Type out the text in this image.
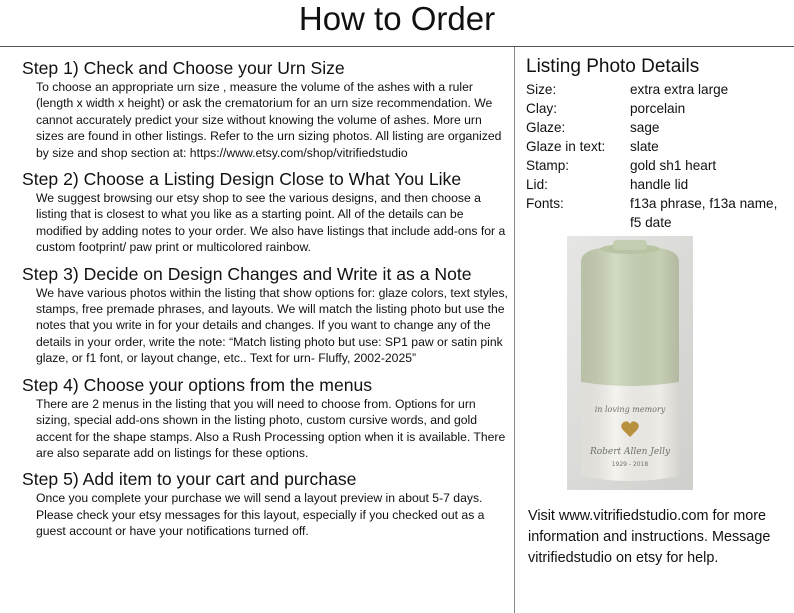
How to Order
Step 1) Check and Choose your Urn Size

To choose an appropriate urn size , measure the volume of the ashes with a ruler (length x width x height) or ask the crematorium for an urn size recommendation. We cannot accurately predict your size without knowing the volume of ashes. More urn sizes are found in other listings. Refer to the urn sizing photos. All listing are organized by size and shop section at: https://www.etsy.com/shop/vitrifiedstudio

Step 2) Choose a Listing Design Close to What You Like

We suggest browsing our etsy shop to see the various designs, and then choose a listing that is closest to what you like as a starting point. All of the details can be modified by adding notes to your order. We also have listings that include add-ons for a custom footprint/ paw print or multicolored rainbow.

Step 3) Decide on Design Changes and Write it as a Note

We have various photos within the listing that show options for: glaze colors, text styles, stamps, free premade phrases, and layouts. We will match the listing photo but use the notes that you write in for your details and changes. If you want to change any of the details in your order, write the note: “Match listing photo but use: SP1 paw or satin pink glaze, or f1 font, or layout change, etc.. Text for urn- Fluffy, 2002-2025”

Step 4) Choose your options from the menus

There are 2 menus in the listing that you will need to choose from. Options for urn sizing, special add-ons shown in the listing photo, custom cursive words, and gold accent for the shape stamps. Also a Rush Processing option when it is available. There are also separate add on listings for these options.

Step 5) Add item to your cart and purchase

Once you complete your purchase we will send a layout preview in about 5-7 days. Please check your etsy messages for this layout, especially if you checked out as a guest account or have your notifications turned off.

Listing Photo Details
Size:	extra extra large
Clay:	porcelain
Glaze:	sage
Glaze in text:	slate
Stamp:	gold sh1 heart
Lid:	handle lid
Fonts:	f13a phrase, f13a name, f5 date
in loving memory
Robert Allen Jelly
1929 - 2018
Visit www.vitrifiedstudio.com for more information and instructions. Message vitrifiedstudio on etsy for help.
